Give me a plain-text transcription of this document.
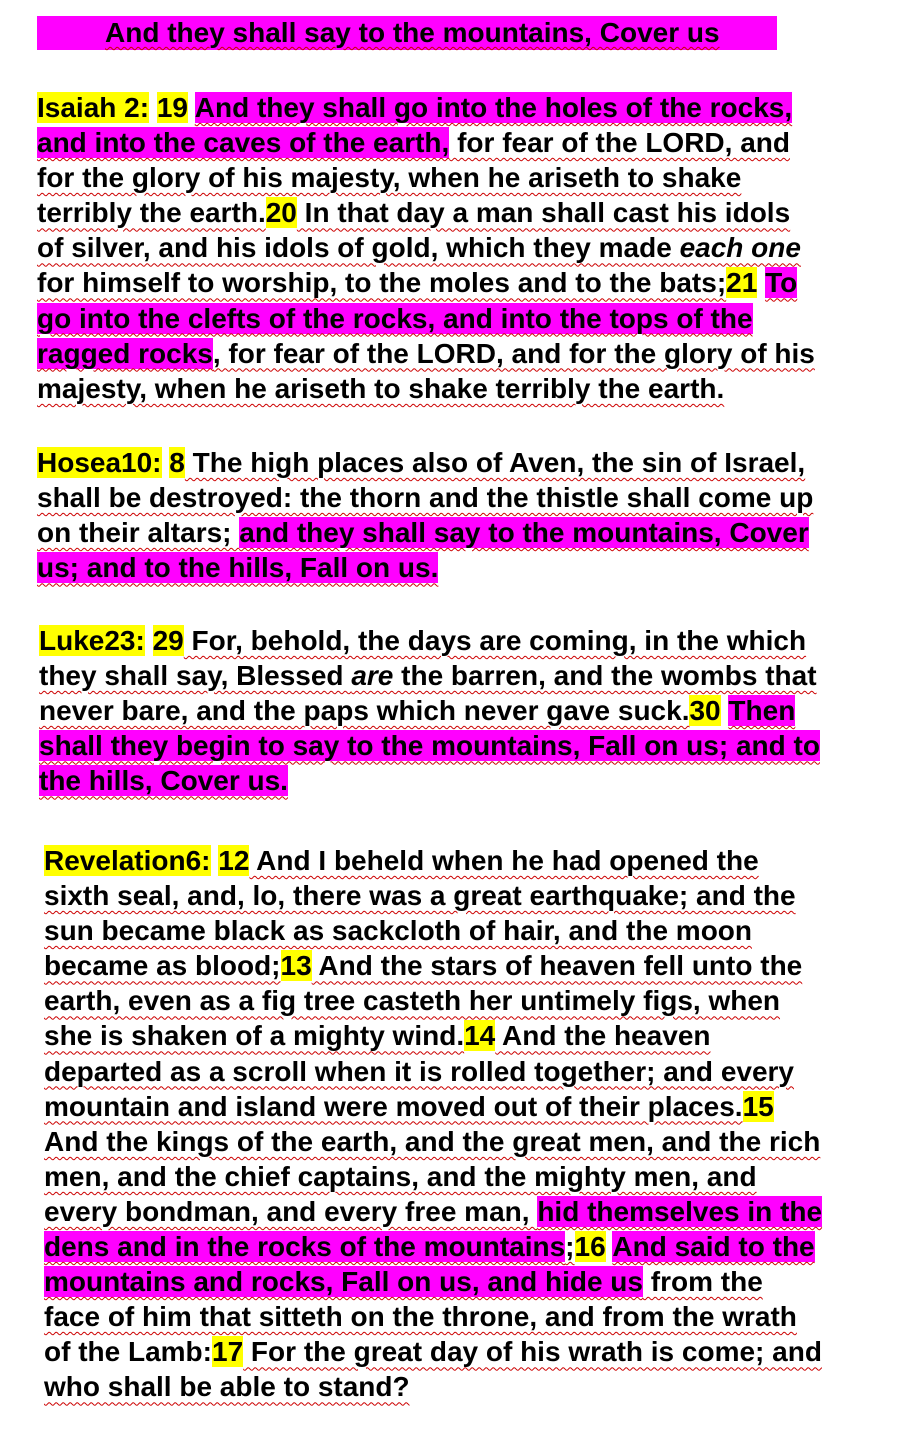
And they shall say to the mountains, Cover us
Isaiah 2: 19 And they shall go into the holes of the rocks,
and into the caves of the earth, for fear of the LORD, and
for the glory of his majesty, when he ariseth to shake
terribly the earth.20 In that day a man shall cast his idols
of silver, and his idols of gold, which they made each one
for himself to worship, to the moles and to the bats;21 To
go into the clefts of the rocks, and into the tops of the
ragged rocks, for fear of the LORD, and for the glory of his
majesty, when he ariseth to shake terribly the earth.
Hosea10: 8 The high places also of Aven, the sin of Israel,
shall be destroyed: the thorn and the thistle shall come up
on their altars; and they shall say to the mountains, Cover
us; and to the hills, Fall on us.
Luke23: 29 For, behold, the days are coming, in the which
they shall say, Blessed are the barren, and the wombs that
never bare, and the paps which never gave suck.30 Then
shall they begin to say to the mountains, Fall on us; and to
the hills, Cover us.
Revelation6: 12 And I beheld when he had opened the
sixth seal, and, lo, there was a great earthquake; and the
sun became black as sackcloth of hair, and the moon
became as blood;13 And the stars of heaven fell unto the
earth, even as a fig tree casteth her untimely figs, when
she is shaken of a mighty wind.14 And the heaven
departed as a scroll when it is rolled together; and every
mountain and island were moved out of their places.15
And the kings of the earth, and the great men, and the rich
men, and the chief captains, and the mighty men, and
every bondman, and every free man, hid themselves in the
dens and in the rocks of the mountains;16 And said to the
mountains and rocks, Fall on us, and hide us from the
face of him that sitteth on the throne, and from the wrath
of the Lamb:17 For the great day of his wrath is come; and
who shall be able to stand?
